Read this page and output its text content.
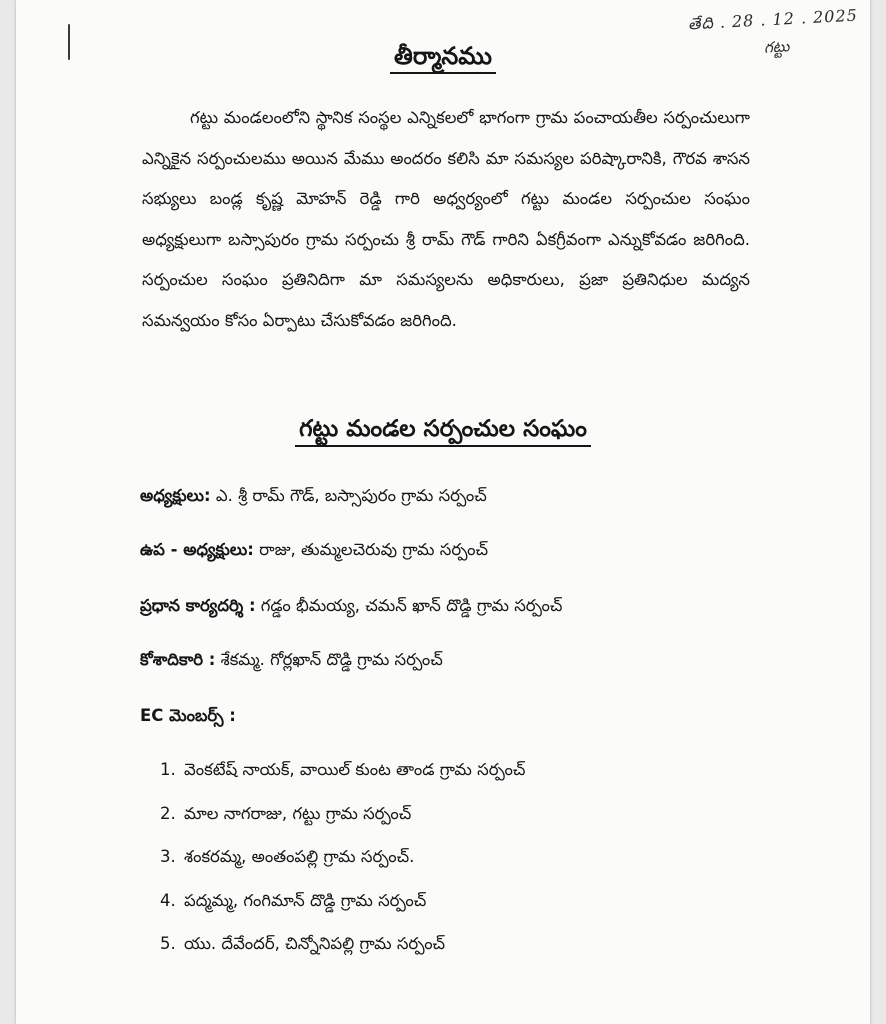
తేది . 28 . 12 . 2025
గట్టు
తీర్మానము

గట్టు మండలంలోని స్థానిక సంస్థల ఎన్నికలలో భాగంగా గ్రామ పంచాయతీల సర్పంచులుగా ఎన్నికైన సర్పంచులము అయిన మేము అందరం కలిసి మా సమస్యల పరిష్కారానికి, గౌరవ శాసన సభ్యులు బండ్ల కృష్ణ మోహన్ రెడ్డి గారి అధ్వర్యంలో గట్టు మండల సర్పంచుల సంఘం అధ్యక్షులుగా బస్సాపురం గ్రామ సర్పంచు శ్రీ రామ్ గౌడ్ గారిని ఏకగ్రీవంగా ఎన్నుకోవడం జరిగింది. సర్పంచుల సంఘం ప్రతినిదిగా మా సమస్యలను అధికారులు, ప్రజా ప్రతినిధుల మద్యన సమన్వయం కోసం ఏర్పాటు చేసుకోవడం జరిగింది.

గట్టు మండల సర్పంచుల సంఘం

అధ్యక్షులు: ఎ. శ్రీ రామ్ గౌడ్, బస్సాపురం గ్రామ సర్పంచ్

ఉప - అధ్యక్షులు: రాజు, తుమ్మలచెరువు గ్రామ సర్పంచ్

ప్రధాన కార్యదర్శి : గడ్డం భీమయ్య, చమన్ ఖాన్ దొడ్డి గ్రామ సర్పంచ్

కోశాదికారి : శేకమ్మ. గోర్లఖాన్ దొడ్డి గ్రామ సర్పంచ్

EC మెంబర్స్ :

1. వెంకటేష్ నాయక్, వాయిల్ కుంట తాండ గ్రామ సర్పంచ్
2. మాల నాగరాజు, గట్టు గ్రామ సర్పంచ్
3. శంకరమ్మ, అంతంపల్లి గ్రామ సర్పంచ్.
4. పద్మమ్మ, గంగిమాన్ దొడ్డి గ్రామ సర్పంచ్
5. యు. దేవేందర్, చిన్నోనిపల్లి గ్రామ సర్పంచ్
